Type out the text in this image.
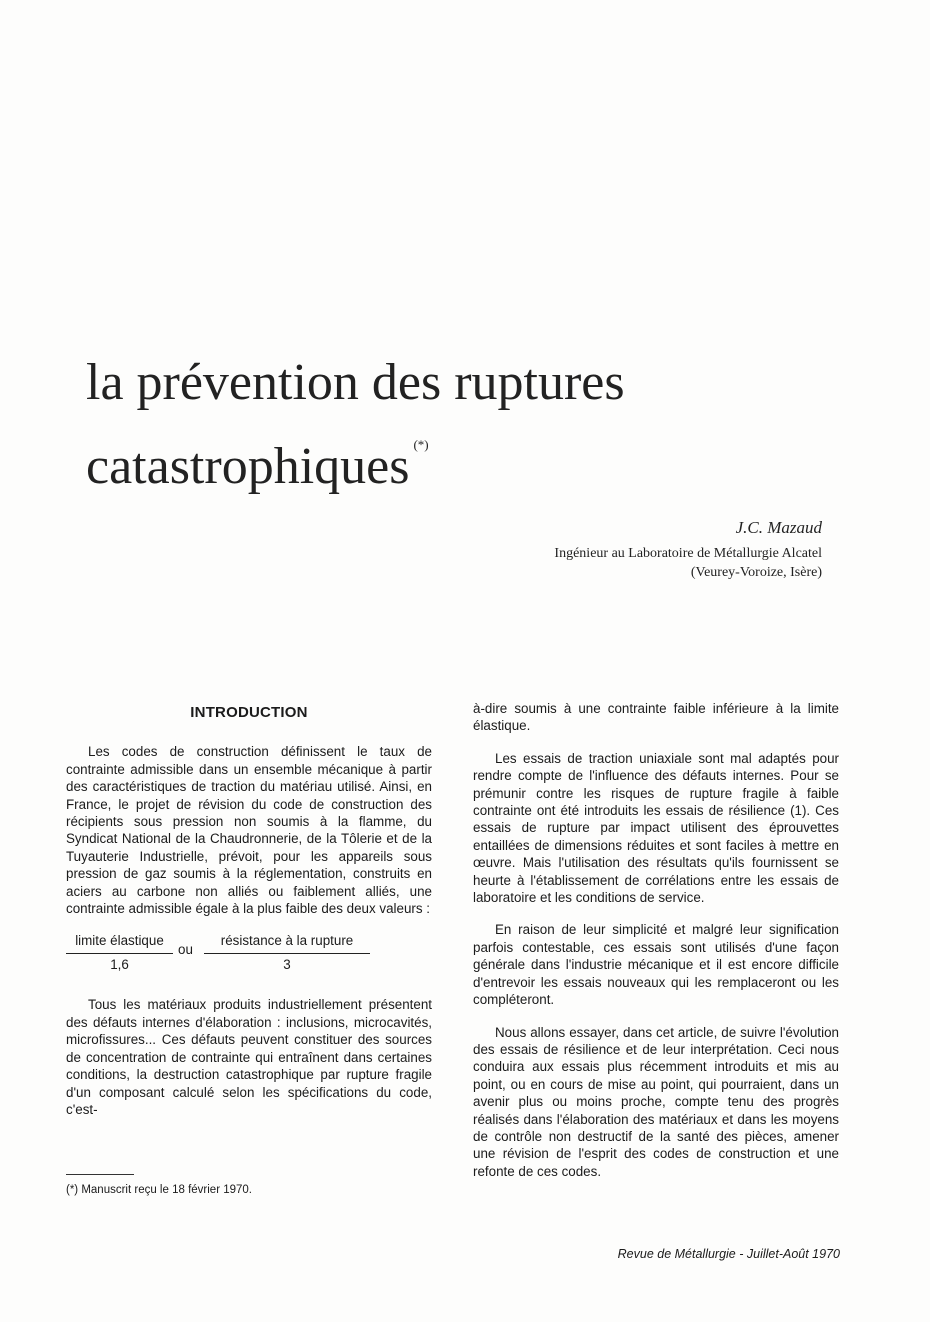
la prévention des ruptures
catastrophiques (*)
J.C. Mazaud
Ingénieur au Laboratoire de Métallurgie Alcatel
(Veurey-Voroize, Isère)
INTRODUCTION

Les codes de construction définissent le taux de contrainte admissible dans un ensemble mécanique à partir des caractéristiques de traction du matériau utilisé. Ainsi, en France, le projet de révision du code de construction des récipients sous pression non soumis à la flamme, du Syndicat National de la Chaudronnerie, de la Tôlerie et de la Tuyauterie Industrielle, prévoit, pour les appareils sous pression de gaz soumis à la réglementation, construits en aciers au carbone non alliés ou faiblement alliés, une contrainte admissible égale à la plus faible des deux valeurs :

limite élastique
1,6
ou
résistance à la rupture
3

Tous les matériaux produits industriellement présentent des défauts internes d'élaboration : inclusions, microcavités, microfissures... Ces défauts peuvent constituer des sources de concentration de contrainte qui entraînent dans certaines conditions, la destruction catastrophique par rupture fragile d'un composant calculé selon les spécifications du code, c'est-

à-dire soumis à une contrainte faible inférieure à la limite élastique.

Les essais de traction uniaxiale sont mal adaptés pour rendre compte de l'influence des défauts internes. Pour se prémunir contre les risques de rupture fragile à faible contrainte ont été introduits les essais de résilience (1). Ces essais de rupture par impact utilisent des éprouvettes entaillées de dimensions réduites et sont faciles à mettre en œuvre. Mais l'utilisation des résultats qu'ils fournissent se heurte à l'établissement de corrélations entre les essais de laboratoire et les conditions de service.

En raison de leur simplicité et malgré leur signification parfois contestable, ces essais sont utilisés d'une façon générale dans l'industrie mécanique et il est encore difficile d'entrevoir les essais nouveaux qui les remplaceront ou les compléteront.

Nous allons essayer, dans cet article, de suivre l'évolution des essais de résilience et de leur interprétation. Ceci nous conduira aux essais plus récemment introduits et mis au point, ou en cours de mise au point, qui pourraient, dans un avenir plus ou moins proche, compte tenu des progrès réalisés dans l'élaboration des matériaux et dans les moyens de contrôle non destructif de la santé des pièces, amener une révision de l'esprit des codes de construction et une refonte de ces codes.

(*) Manuscrit reçu le 18 février 1970.
Revue de Métallurgie - Juillet-Août 1970
